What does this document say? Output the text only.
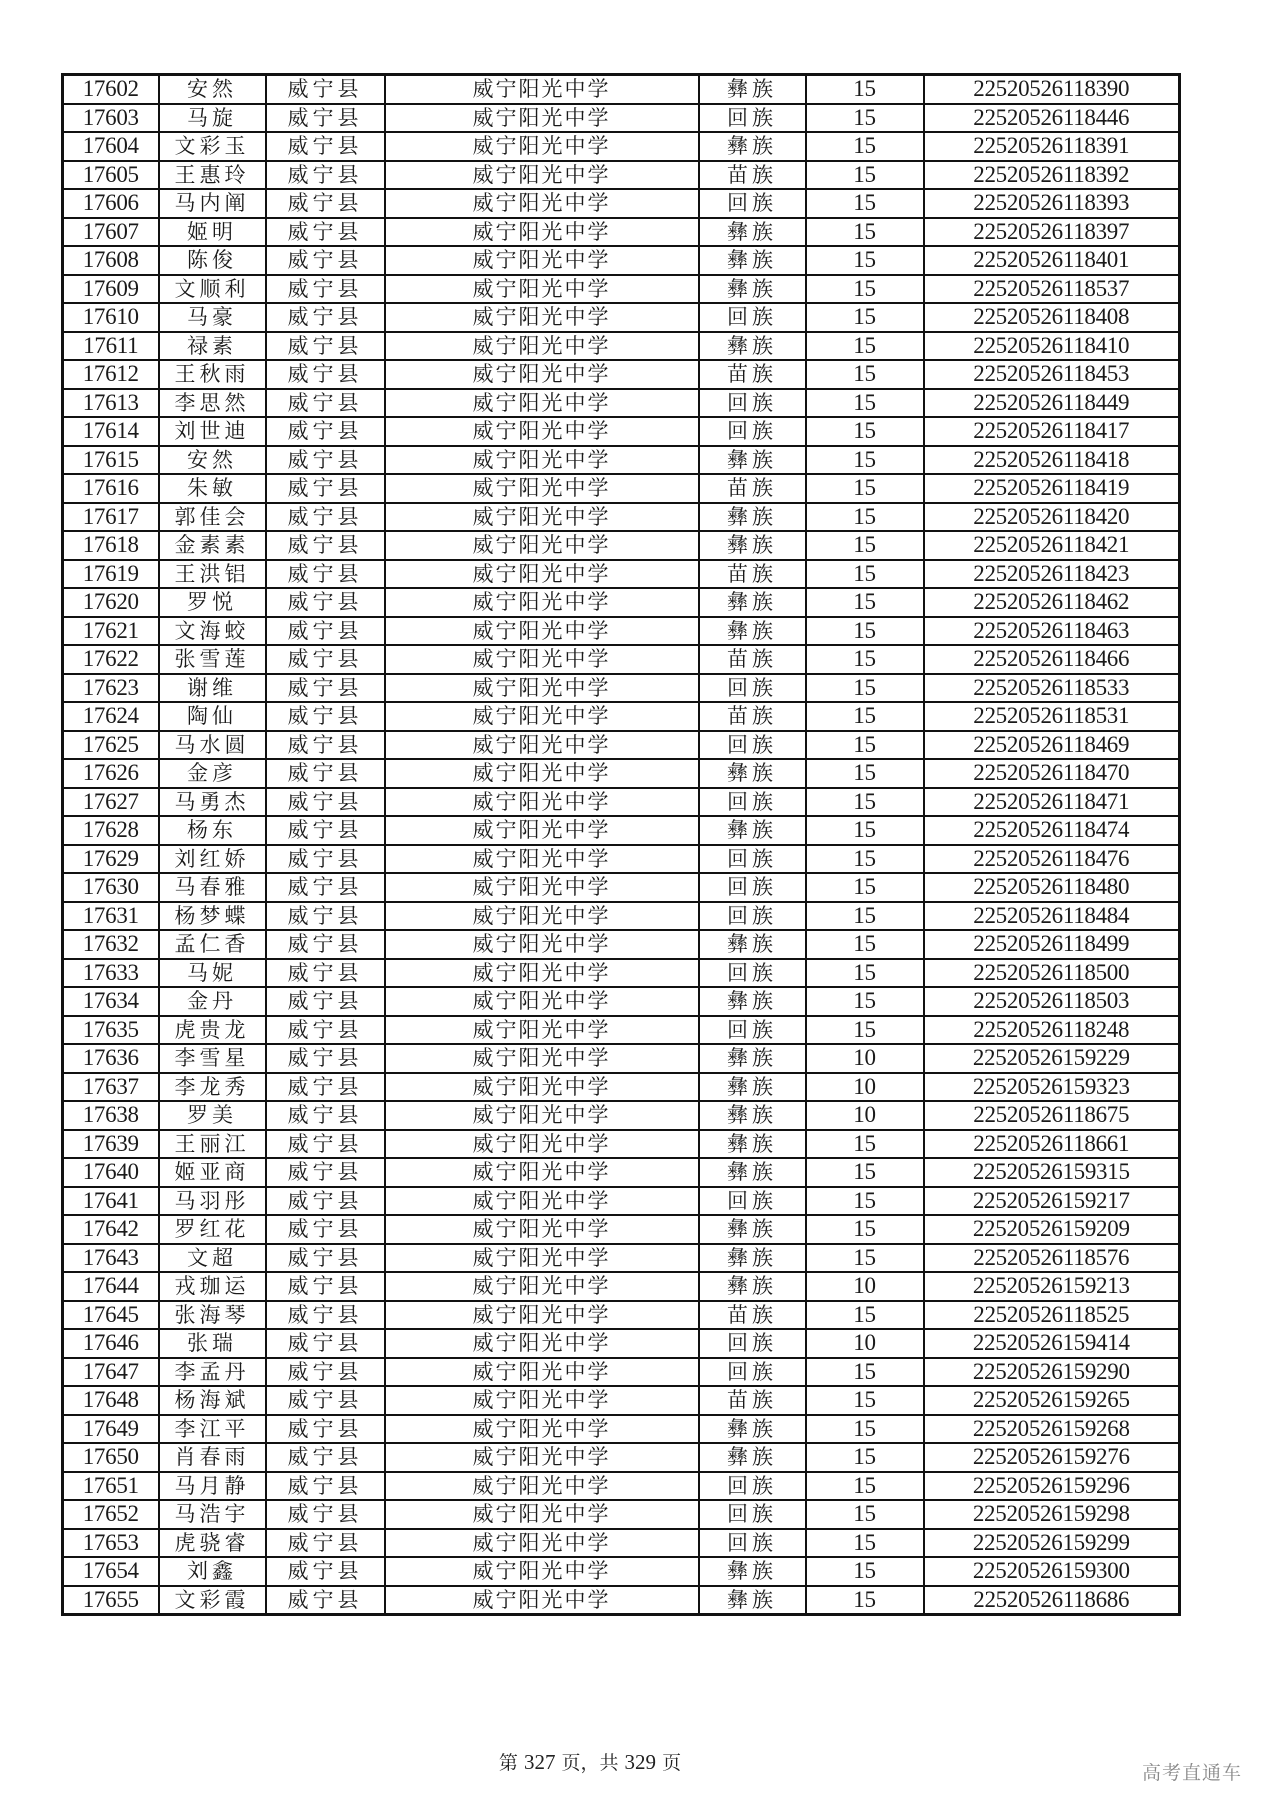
17602	安然	威宁县	威宁阳光中学	彝族	15	22520526118390
17603	马旋	威宁县	威宁阳光中学	回族	15	22520526118446
17604	文彩玉	威宁县	威宁阳光中学	彝族	15	22520526118391
17605	王惠玲	威宁县	威宁阳光中学	苗族	15	22520526118392
17606	马内阐	威宁县	威宁阳光中学	回族	15	22520526118393
17607	姬明	威宁县	威宁阳光中学	彝族	15	22520526118397
17608	陈俊	威宁县	威宁阳光中学	彝族	15	22520526118401
17609	文顺利	威宁县	威宁阳光中学	彝族	15	22520526118537
17610	马豪	威宁县	威宁阳光中学	回族	15	22520526118408
17611	禄素	威宁县	威宁阳光中学	彝族	15	22520526118410
17612	王秋雨	威宁县	威宁阳光中学	苗族	15	22520526118453
17613	李思然	威宁县	威宁阳光中学	回族	15	22520526118449
17614	刘世迪	威宁县	威宁阳光中学	回族	15	22520526118417
17615	安然	威宁县	威宁阳光中学	彝族	15	22520526118418
17616	朱敏	威宁县	威宁阳光中学	苗族	15	22520526118419
17617	郭佳会	威宁县	威宁阳光中学	彝族	15	22520526118420
17618	金素素	威宁县	威宁阳光中学	彝族	15	22520526118421
17619	王洪铝	威宁县	威宁阳光中学	苗族	15	22520526118423
17620	罗悦	威宁县	威宁阳光中学	彝族	15	22520526118462
17621	文海蛟	威宁县	威宁阳光中学	彝族	15	22520526118463
17622	张雪莲	威宁县	威宁阳光中学	苗族	15	22520526118466
17623	谢维	威宁县	威宁阳光中学	回族	15	22520526118533
17624	陶仙	威宁县	威宁阳光中学	苗族	15	22520526118531
17625	马水圆	威宁县	威宁阳光中学	回族	15	22520526118469
17626	金彦	威宁县	威宁阳光中学	彝族	15	22520526118470
17627	马勇杰	威宁县	威宁阳光中学	回族	15	22520526118471
17628	杨东	威宁县	威宁阳光中学	彝族	15	22520526118474
17629	刘红娇	威宁县	威宁阳光中学	回族	15	22520526118476
17630	马春雅	威宁县	威宁阳光中学	回族	15	22520526118480
17631	杨梦蝶	威宁县	威宁阳光中学	回族	15	22520526118484
17632	孟仁香	威宁县	威宁阳光中学	彝族	15	22520526118499
17633	马妮	威宁县	威宁阳光中学	回族	15	22520526118500
17634	金丹	威宁县	威宁阳光中学	彝族	15	22520526118503
17635	虎贵龙	威宁县	威宁阳光中学	回族	15	22520526118248
17636	李雪星	威宁县	威宁阳光中学	彝族	10	22520526159229
17637	李龙秀	威宁县	威宁阳光中学	彝族	10	22520526159323
17638	罗美	威宁县	威宁阳光中学	彝族	10	22520526118675
17639	王丽江	威宁县	威宁阳光中学	彝族	15	22520526118661
17640	姬亚商	威宁县	威宁阳光中学	彝族	15	22520526159315
17641	马羽彤	威宁县	威宁阳光中学	回族	15	22520526159217
17642	罗红花	威宁县	威宁阳光中学	彝族	15	22520526159209
17643	文超	威宁县	威宁阳光中学	彝族	15	22520526118576
17644	戎珈运	威宁县	威宁阳光中学	彝族	10	22520526159213
17645	张海琴	威宁县	威宁阳光中学	苗族	15	22520526118525
17646	张瑞	威宁县	威宁阳光中学	回族	10	22520526159414
17647	李孟丹	威宁县	威宁阳光中学	回族	15	22520526159290
17648	杨海斌	威宁县	威宁阳光中学	苗族	15	22520526159265
17649	李江平	威宁县	威宁阳光中学	彝族	15	22520526159268
17650	肖春雨	威宁县	威宁阳光中学	彝族	15	22520526159276
17651	马月静	威宁县	威宁阳光中学	回族	15	22520526159296
17652	马浩宇	威宁县	威宁阳光中学	回族	15	22520526159298
17653	虎骁睿	威宁县	威宁阳光中学	回族	15	22520526159299
17654	刘鑫	威宁县	威宁阳光中学	彝族	15	22520526159300
17655	文彩霞	威宁县	威宁阳光中学	彝族	15	22520526118686
第 327 页，共 329 页	高考直通车
